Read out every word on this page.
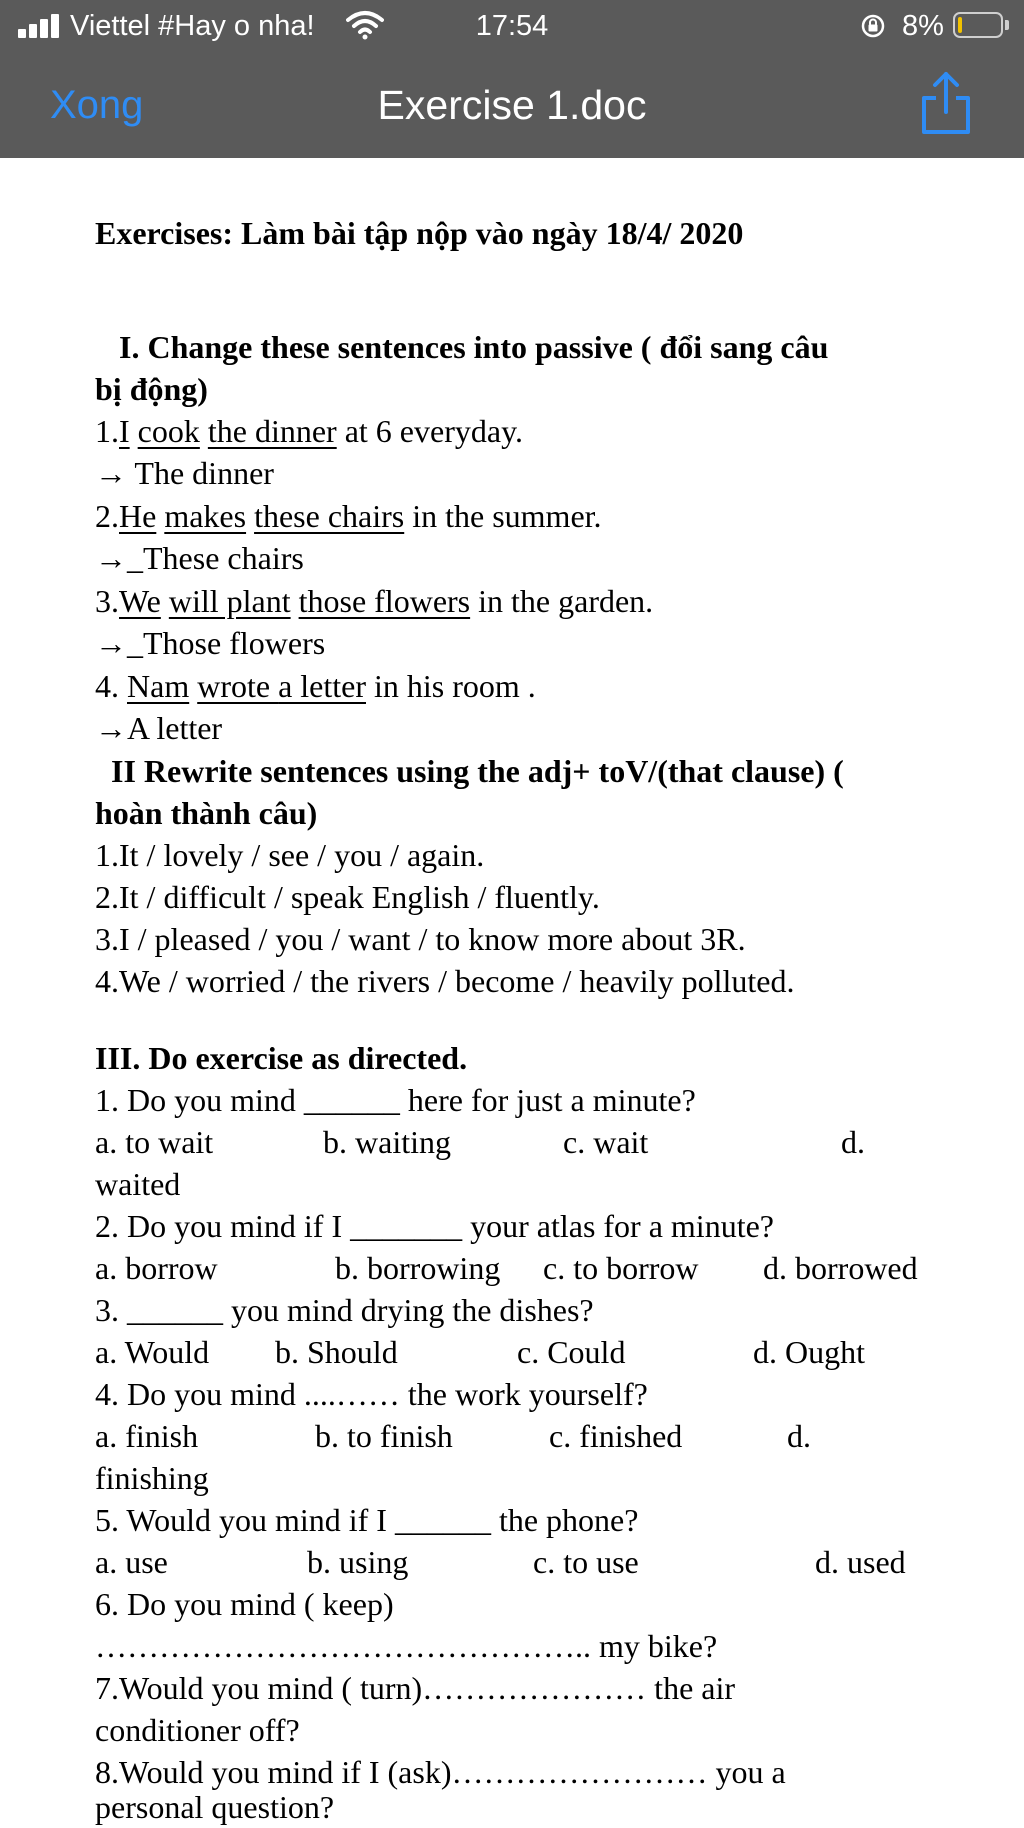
Viettel #Hay o nha!	17:54	8%
Xong	Exercise 1.doc
Exercises: Làm bài tập nộp vào ngày 18/4/ 2020
I. Change these sentences into passive ( đổi sang câu
bị động)
1.I cook the dinner at 6 everyday.
→ The dinner
2.He makes these chairs in the summer.
→_These chairs
3.We will plant those flowers in the garden.
→_Those flowers
4. Nam wrote a letter in his room .
→A letter
II Rewrite sentences using the adj+ toV/(that clause) (
hoàn thành câu)
1.It / lovely / see / you / again.
2.It / difficult / speak English / fluently.
3.I / pleased / you / want / to know more about 3R.
4.We / worried / the rivers / become / heavily polluted.
III. Do exercise as directed.
1. Do you mind ______ here for just a minute?
a. to wait	b. waiting	c. wait	d.
waited
2. Do you mind if I _______ your atlas for a minute?
a. borrow	b. borrowing c. to borrow d. borrowed
3. ______ you mind drying the dishes?
a. Would b. Should	c. Could	d. Ought
4. Do you mind ....…… the work yourself?
a. finish	b. to finish	c. finished	d.
finishing
5. Would you mind if I ______ the phone?
a. use	b. using	c. to use	d. used
6. Do you mind ( keep)
……………………………………….. my bike?
7.Would you mind ( turn)………………… the air
conditioner off?
8.Would you mind if I (ask)…………………… you a
personal question?
